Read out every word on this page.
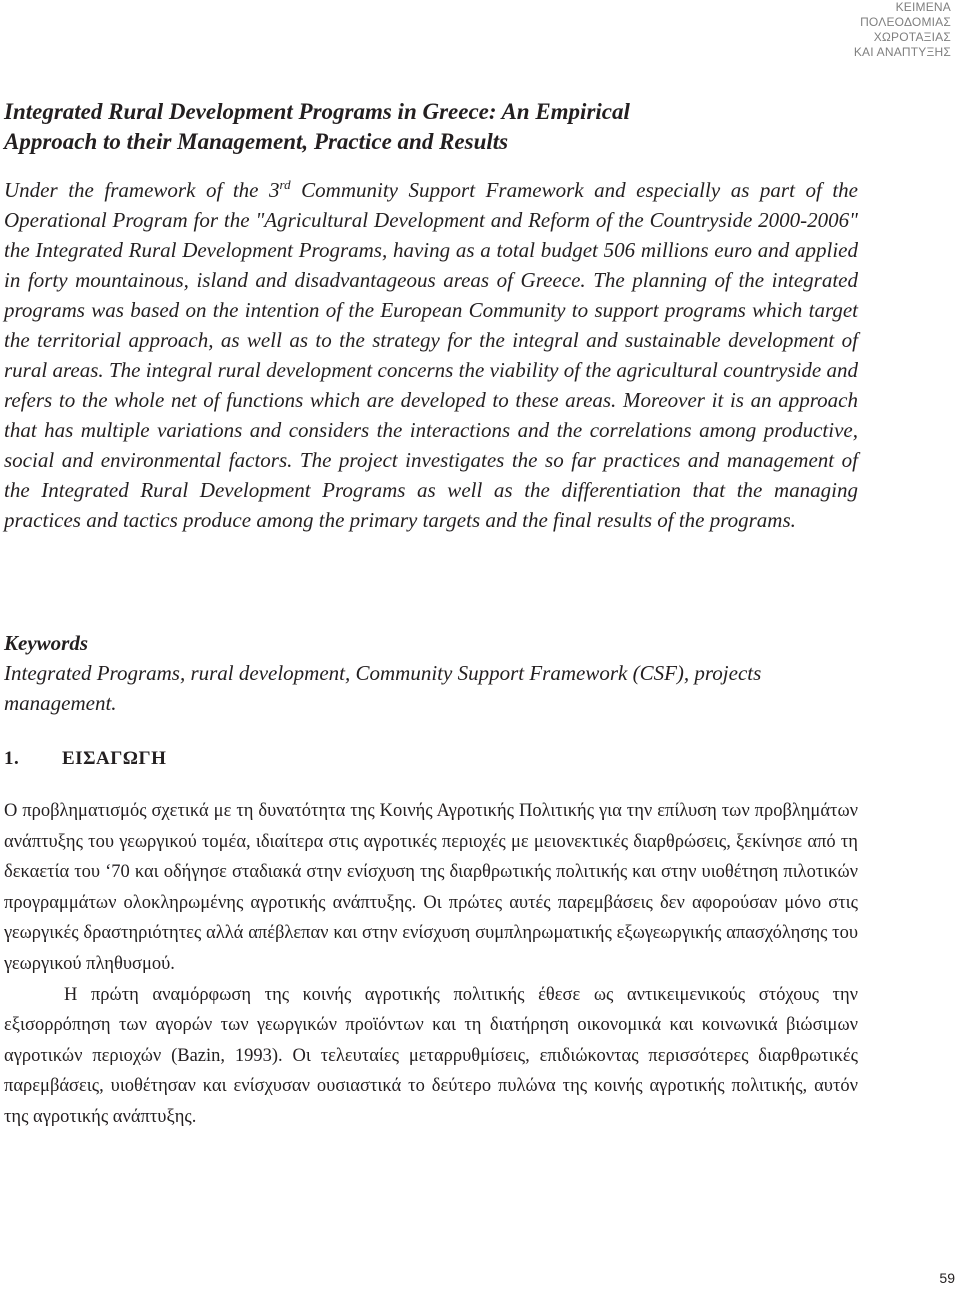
ΚΕΙΜΕΝΑ
ΠΟΛΕΟΔΟΜΙΑΣ
ΧΩΡΟΤΑΞΙΑΣ
ΚΑΙ ΑΝΑΠΤΥΞΗΣ
Integrated Rural Development Programs in Greece: An Empirical
Approach to their Management, Practice and Results

Under the framework of the 3rd Community Support Framework and especially as part of the Operational Program for the "Agricultural Development and Reform of the Countryside 2000-2006" the Integrated Rural Development Programs, having as a total budget 506 millions euro and applied in forty mountainous, island and disadvantageous areas of Greece. The planning of the integrated programs was based on the intention of the European Community to support programs which target the territorial approach, as well as to the strategy for the integral and sustainable development of rural areas. The integral rural development concerns the viability of the agricultural countryside and refers to the whole net of functions which are developed to these areas. Moreover it is an approach that has multiple variations and considers the interactions and the correlations among productive, social and environmental factors. The project investigates the so far practices and management of the Integrated Rural Development Programs as well as the differentiation that the managing practices and tactics produce among the primary targets and the final results of the programs.

Keywords

Integrated Programs, rural development, Community Support Framework (CSF), projects management.

1. ΕΙΣΑΓΩΓΗ

Ο προβληματισμός σχετικά με τη δυνατότητα της Κοινής Αγροτικής Πολιτικής για την επίλυση των προβλημάτων ανάπτυξης του γεωργικού τομέα, ιδιαίτερα στις αγροτικές περιοχές με μειονεκτικές διαρθρώσεις, ξεκίνησε από τη δεκαετία του ‘70 και οδήγησε σταδιακά στην ενίσχυση της διαρθρωτικής πολιτικής και στην υιοθέτηση πιλοτικών προγραμμάτων ολοκληρωμένης αγροτικής ανάπτυξης. Οι πρώτες αυτές παρεμβάσεις δεν αφορούσαν μόνο στις γεωργικές δραστηριότητες αλλά απέβλεπαν και στην ενίσχυση συμπληρωματικής εξωγεωργικής απασχόλησης του γεωργικού πληθυσμού.

Η πρώτη αναμόρφωση της κοινής αγροτικής πολιτικής έθεσε ως αντικειμενικούς στόχους την εξισορρόπηση των αγορών των γεωργικών προϊόντων και τη διατήρηση οικονομικά και κοινωνικά βιώσιμων αγροτικών περιοχών (Bazin, 1993). Οι τελευταίες μεταρρυθμίσεις, επιδιώκοντας περισσότερες διαρθρωτικές παρεμβάσεις, υιοθέτησαν και ενίσχυσαν ουσιαστικά το δεύτερο πυλώνα της κοινής αγροτικής πολιτικής, αυτόν της αγροτικής ανάπτυξης.

59
